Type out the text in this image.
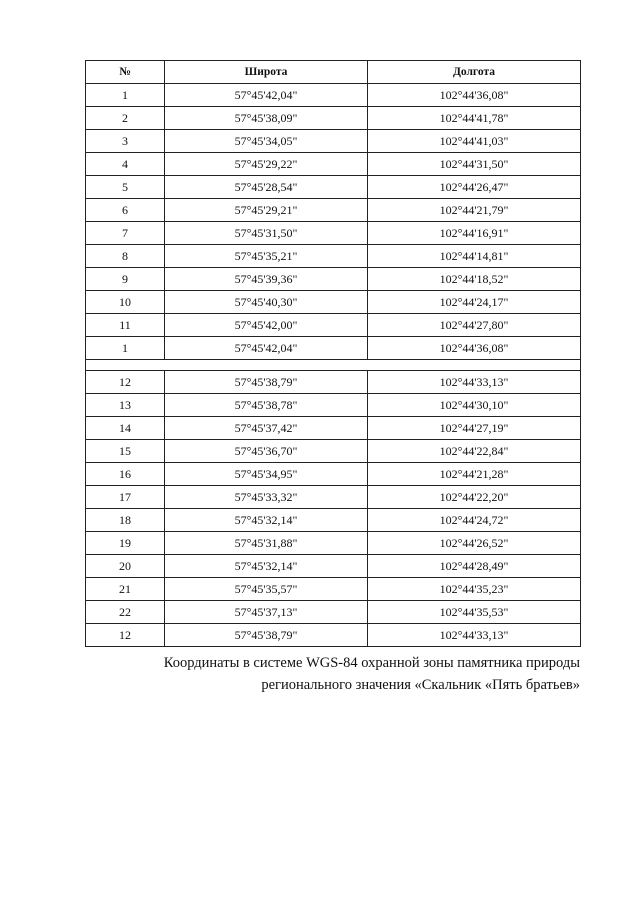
№	Широта	Долгота
1	57°45'42,04"	102°44'36,08"
2	57°45'38,09"	102°44'41,78"
3	57°45'34,05"	102°44'41,03"
4	57°45'29,22"	102°44'31,50"
5	57°45'28,54"	102°44'26,47"
6	57°45'29,21"	102°44'21,79"
7	57°45'31,50"	102°44'16,91"
8	57°45'35,21"	102°44'14,81"
9	57°45'39,36"	102°44'18,52"
10	57°45'40,30"	102°44'24,17"
11	57°45'42,00"	102°44'27,80"
1	57°45'42,04"	102°44'36,08"

12	57°45'38,79"	102°44'33,13"
13	57°45'38,78"	102°44'30,10"
14	57°45'37,42"	102°44'27,19"
15	57°45'36,70"	102°44'22,84"
16	57°45'34,95"	102°44'21,28"
17	57°45'33,32"	102°44'22,20"
18	57°45'32,14"	102°44'24,72"
19	57°45'31,88"	102°44'26,52"
20	57°45'32,14"	102°44'28,49"
21	57°45'35,57"	102°44'35,23"
22	57°45'37,13"	102°44'35,53"
12	57°45'38,79"	102°44'33,13"
Координаты в системе WGS-84 охранной зоны памятника природы
регионального значения «Скальник «Пять братьев»
